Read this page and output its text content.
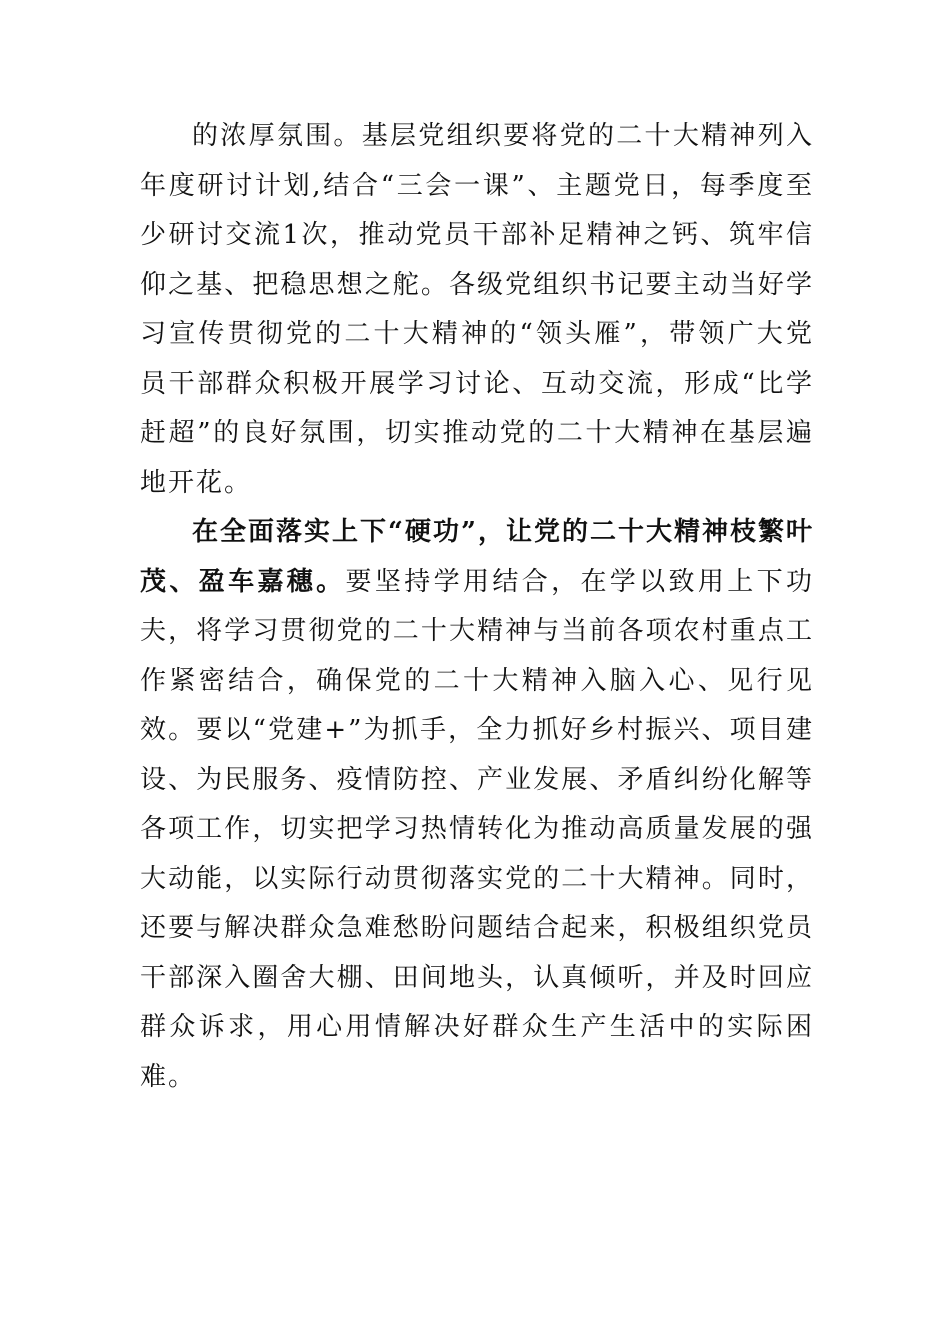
的浓厚氛围。基层党组织要将党的二十大精神列入年度研讨计划,结合“三会一课”、主题党日，每季度至少研讨交流1次，推动党员干部补足精神之钙、筑牢信仰之基、把稳思想之舵。各级党组织书记要主动当好学习宣传贯彻党的二十大精神的“领头雁”，带领广大党员干部群众积极开展学习讨论、互动交流，形成“比学赶超”的良好氛围，切实推动党的二十大精神在基层遍地开花。

在全面落实上下“硬功”，让党的二十大精神枝繁叶茂、盈车嘉穗。要坚持学用结合，在学以致用上下功夫，将学习贯彻党的二十大精神与当前各项农村重点工作紧密结合，确保党的二十大精神入脑入心、见行见效。要以“党建+”为抓手，全力抓好乡村振兴、项目建设、为民服务、疫情防控、产业发展、矛盾纠纷化解等各项工作，切实把学习热情转化为推动高质量发展的强大动能，以实际行动贯彻落实党的二十大精神。同时，还要与解决群众急难愁盼问题结合起来，积极组织党员干部深入圈舍大棚、田间地头，认真倾听，并及时回应群众诉求，用心用情解决好群众生产生活中的实际困难。
